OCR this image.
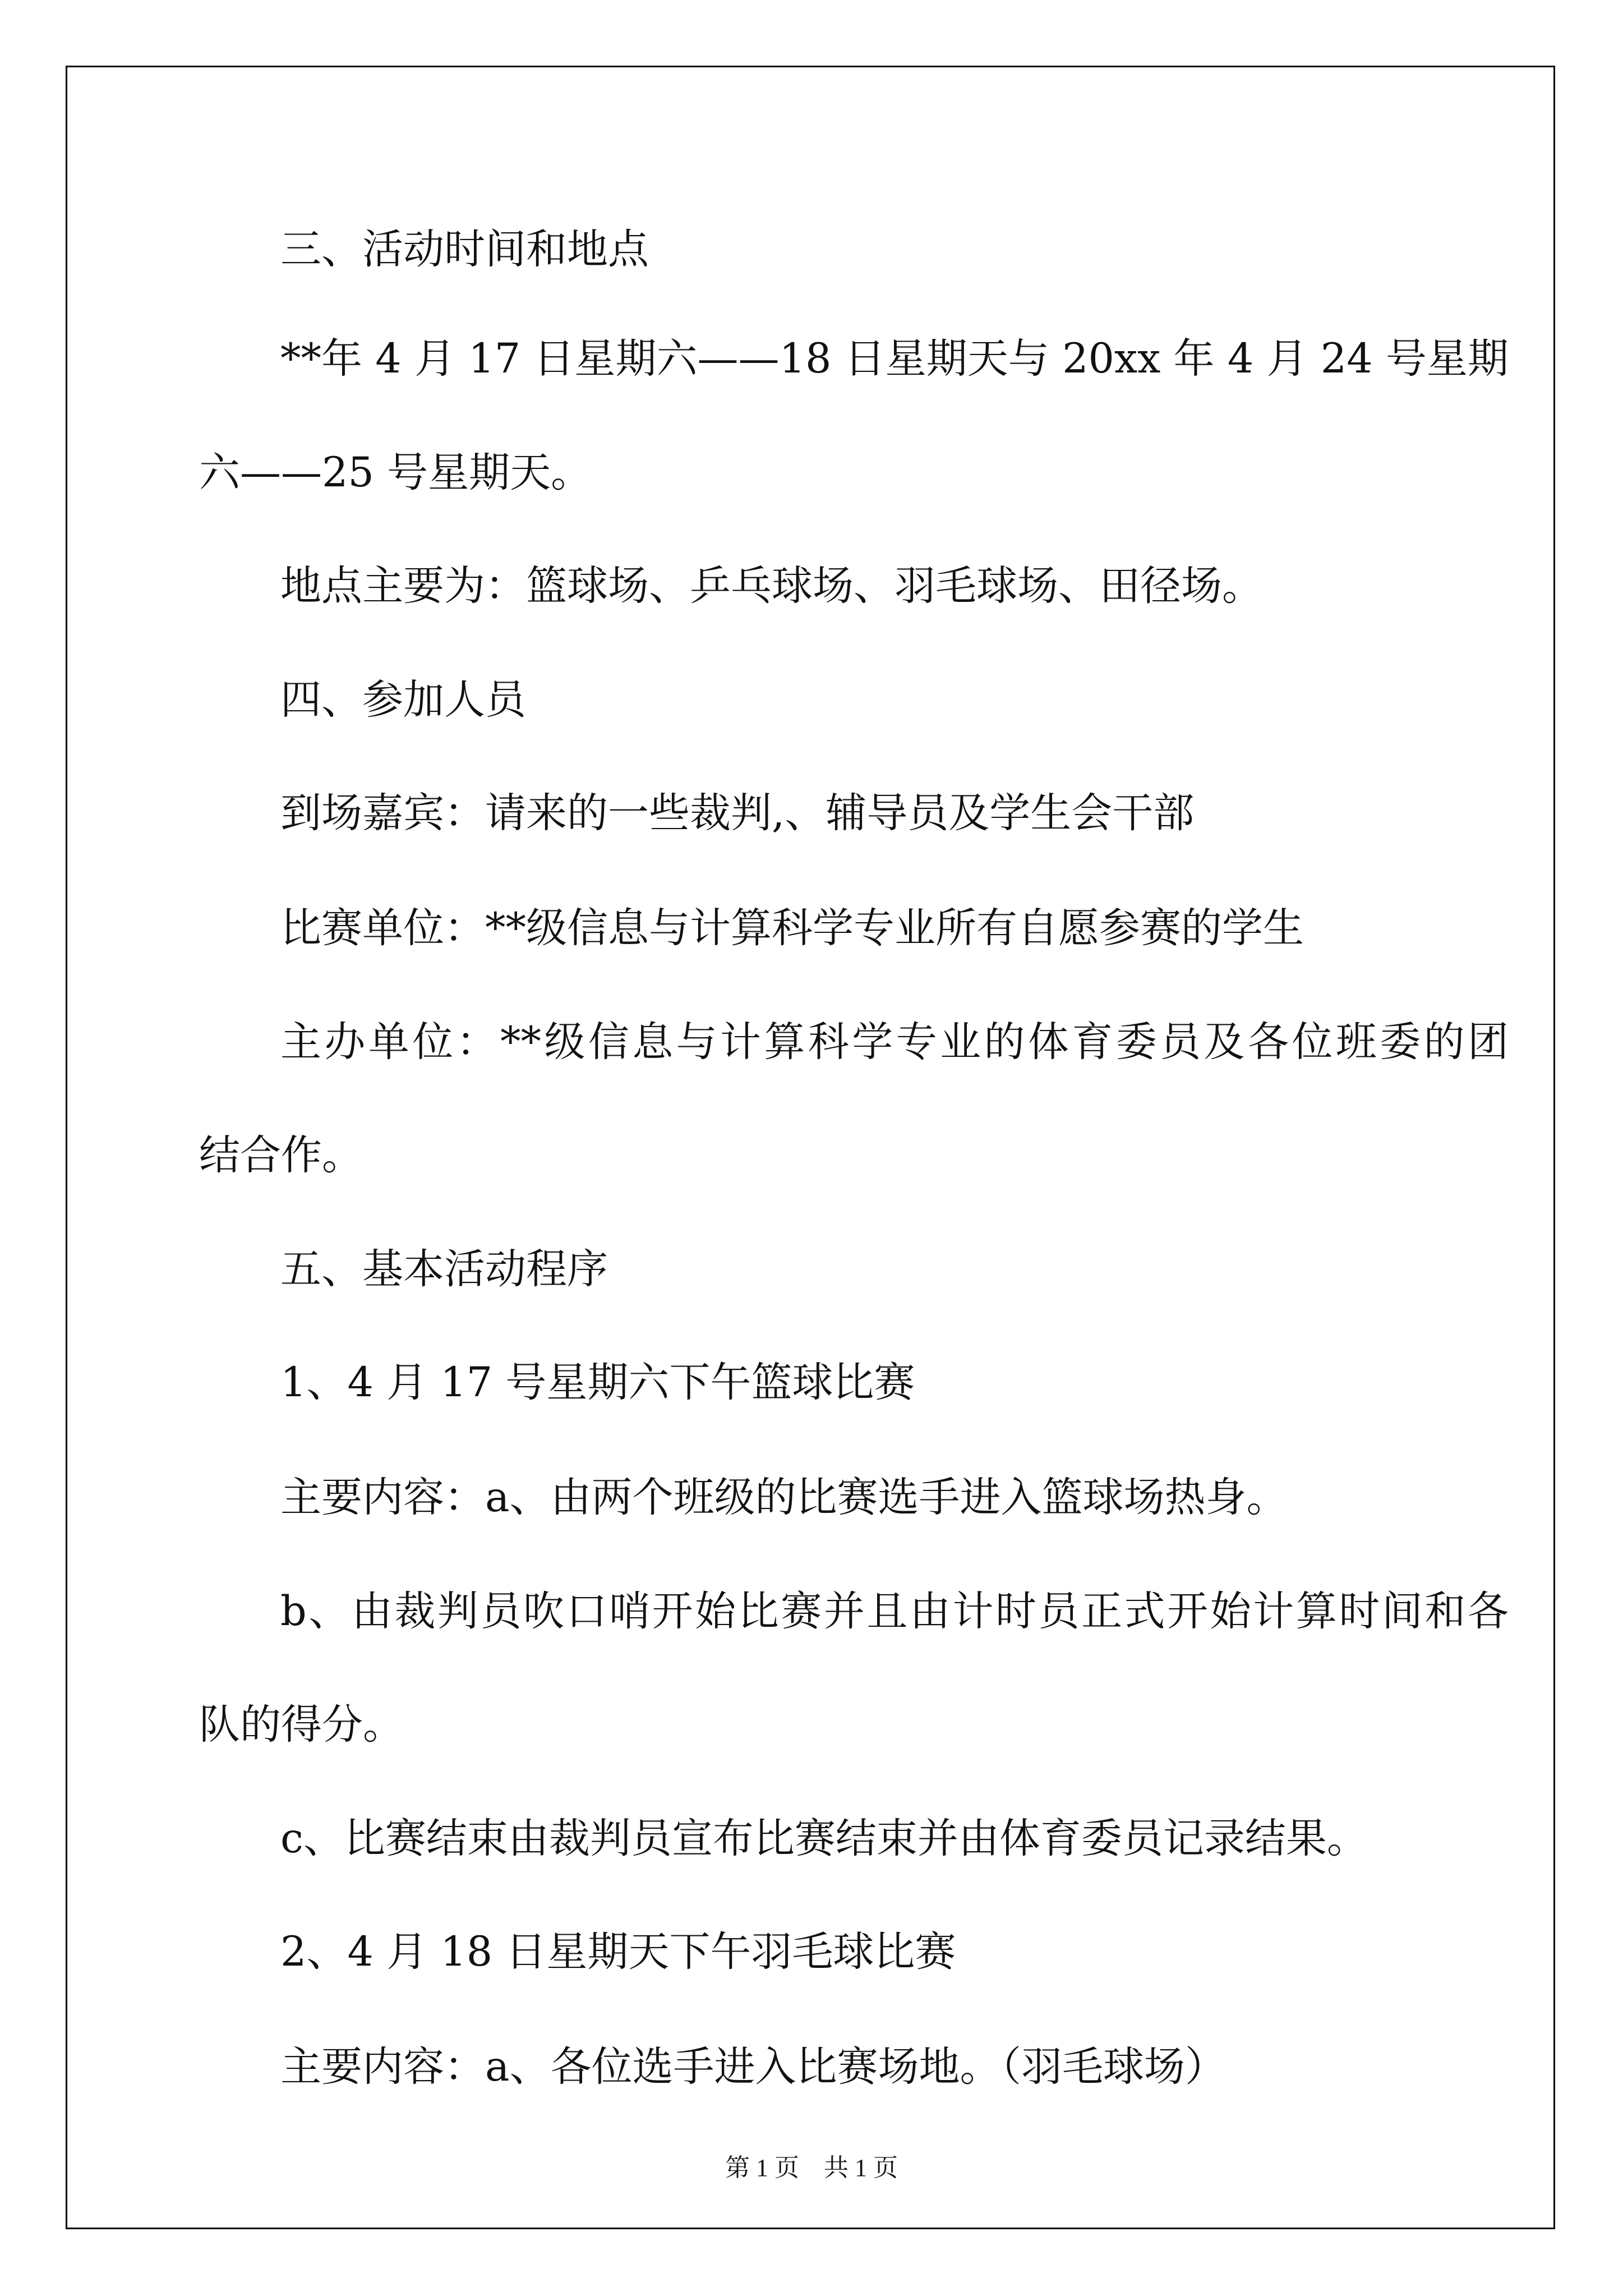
三、活动时间和地点
**年 4 月 17 日星期六——18 日星期天与 20xx 年 4 月 24 号星期
六——25 号星期天。
地点主要为：篮球场、乒乓球场、羽毛球场、田径场。
四、参加人员
到场嘉宾：请来的一些裁判,、辅导员及学生会干部
比赛单位：**级信息与计算科学专业所有自愿参赛的学生
主办单位：**级信息与计算科学专业的体育委员及各位班委的团
结合作。
五、基本活动程序
1、4 月 17 号星期六下午篮球比赛
主要内容：a、由两个班级的比赛选手进入篮球场热身。
b、由裁判员吹口哨开始比赛并且由计时员正式开始计算时间和各
队的得分。
c、比赛结束由裁判员宣布比赛结束并由体育委员记录结果。
2、4 月 18 日星期天下午羽毛球比赛
主要内容：a、各位选手进入比赛场地。（羽毛球场）
第 1 页　共 1 页
